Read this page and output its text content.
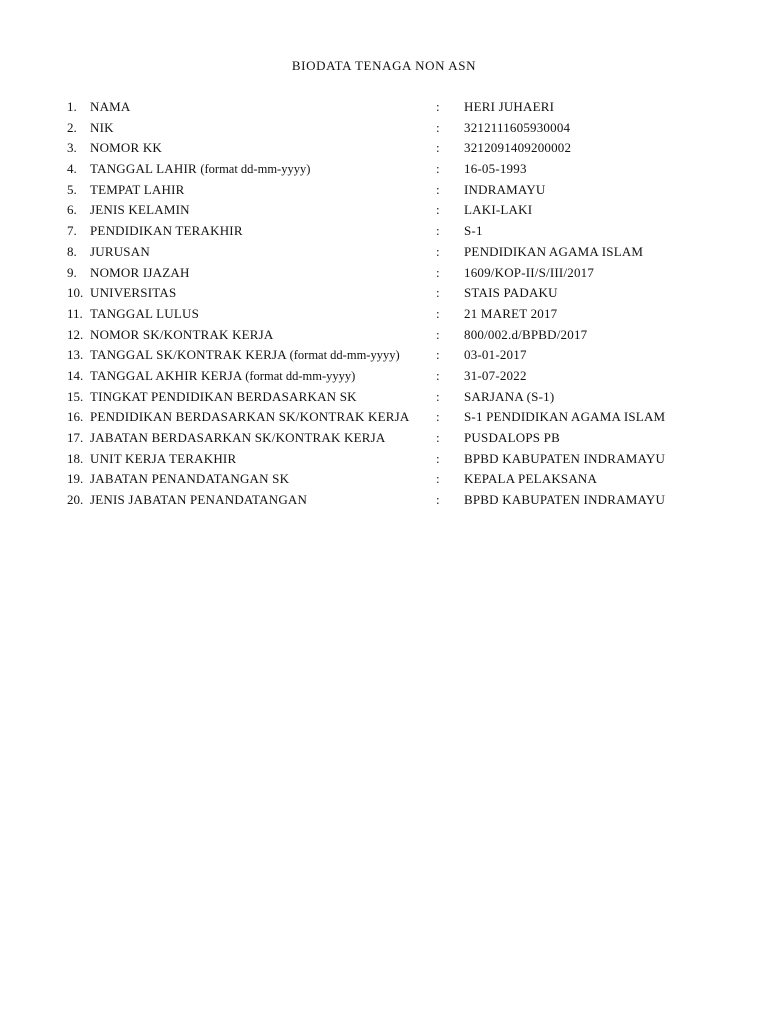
BIODATA TENAGA NON ASN
1. NAMA	: HERI JUHAERI
2. NIK	: 3212111605930004
3. NOMOR KK	: 3212091409200002
4. TANGGAL LAHIR (format dd-mm-yyyy)	: 16-05-1993
5. TEMPAT LAHIR	: INDRAMAYU
6. JENIS KELAMIN	: LAKI-LAKI
7. PENDIDIKAN TERAKHIR	: S-1
8. JURUSAN	: PENDIDIKAN AGAMA ISLAM
9. NOMOR IJAZAH	: 1609/KOP-II/S/III/2017
10. UNIVERSITAS	: STAIS PADAKU
11. TANGGAL LULUS	: 21 MARET 2017
12. NOMOR SK/KONTRAK KERJA	: 800/002.d/BPBD/2017
13. TANGGAL SK/KONTRAK KERJA (format dd-mm-yyyy)	: 03-01-2017
14. TANGGAL AKHIR KERJA (format dd-mm-yyyy)	: 31-07-2022
15. TINGKAT PENDIDIKAN BERDASARKAN SK	: SARJANA (S-1)
16. PENDIDIKAN BERDASARKAN SK/KONTRAK KERJA : S-1 PENDIDIKAN AGAMA ISLAM
17. JABATAN BERDASARKAN SK/KONTRAK KERJA	: PUSDALOPS PB
18. UNIT KERJA TERAKHIR	: BPBD KABUPATEN INDRAMAYU
19. JABATAN PENANDATANGAN SK	: KEPALA PELAKSANA
20. JENIS JABATAN PENANDATANGAN	: BPBD KABUPATEN INDRAMAYU
